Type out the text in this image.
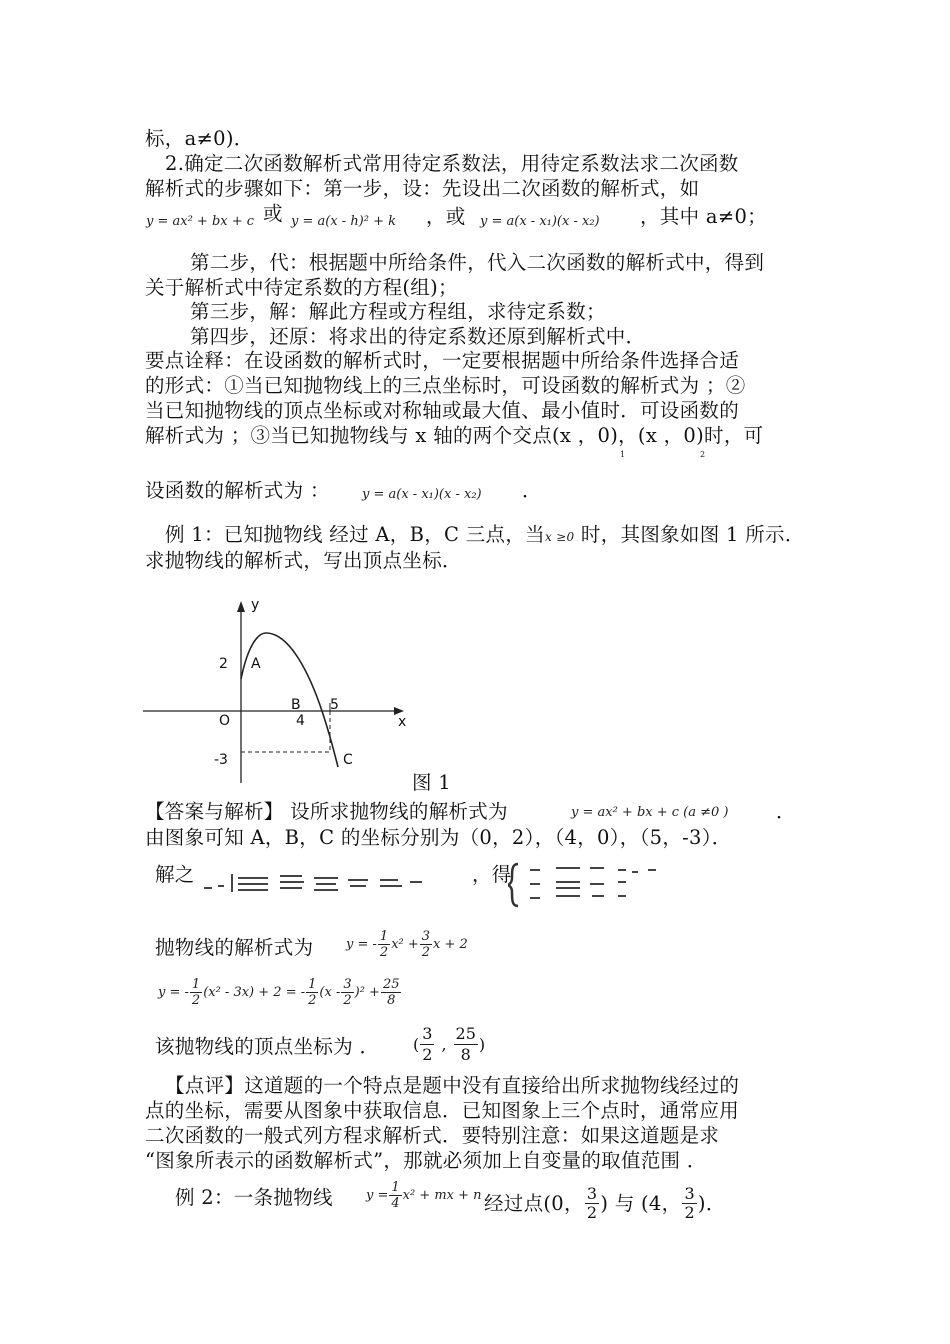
标，a≠0)．
2.确定二次函数解析式常用待定系数法，用待定系数法求二次函数
解析式的步骤如下：第一步，设：先设出二次函数的解析式，如
y = ax² + bx + c 或 y = a(x - h)² + k ，或 y = a(x - x₁)(x - x₂) ，其中 a≠0；
第二步，代：根据题中所给条件，代入二次函数的解析式中，得到
关于解析式中待定系数的方程(组)；
第三步，解：解此方程或方程组，求待定系数；
第四步，还原：将求出的待定系数还原到解析式中．
要点诠释：在设函数的解析式时，一定要根据题中所给条件选择合适
的形式：①当已知抛物线上的三点坐标时，可设函数的解析式为 ；②
当已知抛物线的顶点坐标或对称轴或最大值、最小值时．可设函数的
解析式为 ；③当已知抛物线与 x 轴的两个交点(x ，0)，(x ，0)时，可
1	2
设函数的解析式为 ： y = a(x - x₁)(x - x₂) ．
例 1：已知抛物线 经过 A，B，C 三点，当x ≥0 时，其图象如图 1 所示．
求抛物线的解析式，写出顶点坐标．
y
x
O
2 A
B
4
5
-3	C
图 1
【答案与解析】 设所求抛物线的解析式为	y = ax² + bx + c (a ≠0 ) ．
由图象可知 A，B，C 的坐标分别为（0，2），（4，0），（5，-3）．
解之	，得
抛物线的解析式为	y = - $\frac{1}{2} x^2 + \frac{3}{2}$ x + 2
y = - $\frac{1}{2} (x^2 - 3x) + 2$ = - $\frac{1}{2} (x - \frac{3}{2} )^2 + \frac{25}{8}$
该抛物线的顶点坐标为 ． ( $\frac{3}{2}$ , $\frac{25}{8}$ )
【点评】这道题的一个特点是题中没有直接给出所求抛物线经过的
点的坐标，需要从图象中获取信息．已知图象上三个点时，通常应用
二次函数的一般式列方程求解析式．要特别注意：如果这道题是求
“图象所表示的函数解析式”，那就必须加上自变量的取值范围 ．
例 2：一条抛物线	$y = \frac{1}{4} x^2$ + mx + n 经过点(0， $\frac{3}{2}$ ) 与 (4， $\frac{3}{2}$ )．
